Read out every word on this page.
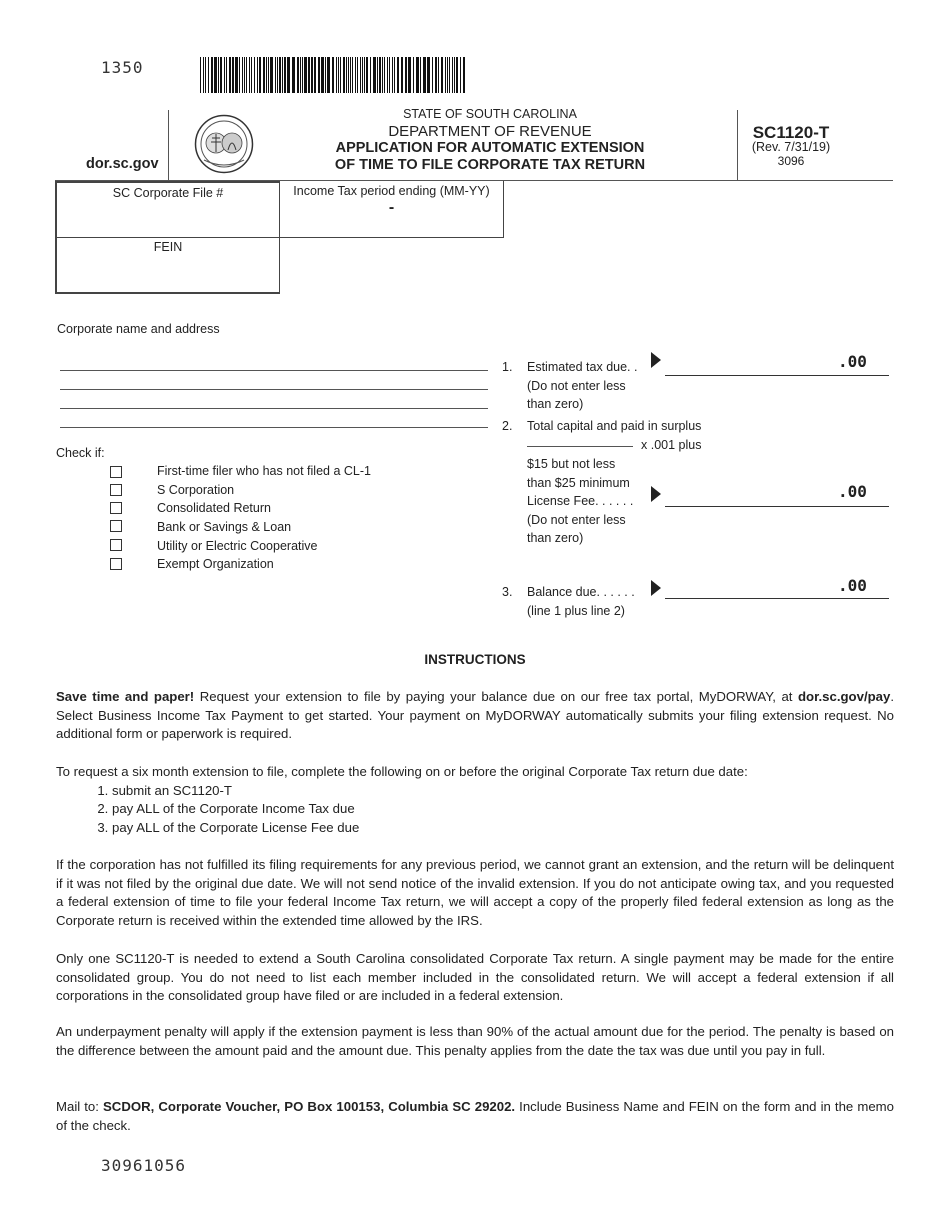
1350
dor.sc.gov
STATE OF SOUTH CAROLINA
DEPARTMENT OF REVENUE
APPLICATION FOR AUTOMATIC EXTENSION
OF TIME TO FILE CORPORATE TAX RETURN
SC1120-T
(Rev. 7/31/19)
3096
SC Corporate File #	Income Tax period ending (MM-YY)
-
FEIN
Corporate name and address
Check if:
First-time filer who has not filed a CL-1
S Corporation
Consolidated Return
Bank or Savings & Loan
Utility or Electric Cooperative
Exempt Organization
1. Estimated tax due. .
(Do not enter less
than zero)
.00
2. Total capital and paid in surplus
x .001 plus
$15 but not less
than $25 minimum
License Fee. . . . . .
(Do not enter less
than zero)
.00
3. Balance due. . . . . .
(line 1 plus line 2)
.00
INSTRUCTIONS
Save time and paper! Request your extension to file by paying your balance due on our free tax portal, MyDORWAY, at dor.sc.gov/pay. Select Business Income Tax Payment to get started. Your payment on MyDORWAY automatically submits your filing extension request. No additional form or paperwork is required.
To request a six month extension to file, complete the following on or before the original Corporate Tax return due date:
1. submit an SC1120-T
2. pay ALL of the Corporate Income Tax due
3. pay ALL of the Corporate License Fee due
If the corporation has not fulfilled its filing requirements for any previous period, we cannot grant an extension, and the return will be delinquent if it was not filed by the original due date. We will not send notice of the invalid extension. If you do not anticipate owing tax, and you requested a federal extension of time to file your federal Income Tax return, we will accept a copy of the properly filed federal extension as long as the Corporate return is received within the extended time allowed by the IRS.
Only one SC1120-T is needed to extend a South Carolina consolidated Corporate Tax return. A single payment may be made for the entire consolidated group. You do not need to list each member included in the consolidated return. We will accept a federal extension if all corporations in the consolidated group have filed or are included in a federal extension.
An underpayment penalty will apply if the extension payment is less than 90% of the actual amount due for the period. The penalty is based on the difference between the amount paid and the amount due. This penalty applies from the date the tax was due until you pay in full.
Mail to: SCDOR, Corporate Voucher, PO Box 100153, Columbia SC 29202. Include Business Name and FEIN on the form and in the memo of the check.
30961056
